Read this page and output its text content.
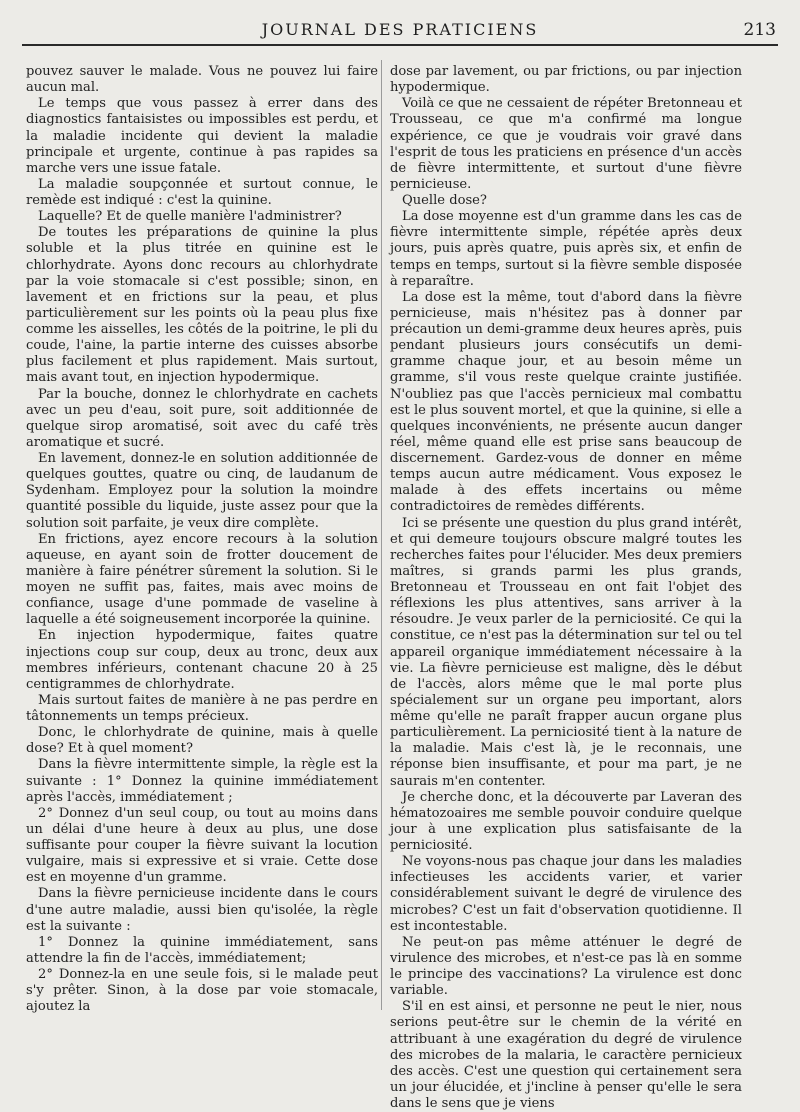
JOURNAL DES PRATICIENS	213

pouvez sauver le malade. Vous ne pouvez lui faire aucun mal.

Le temps que vous passez à errer dans des diagnostics fantaisistes ou impossibles est perdu, et la maladie incidente qui devient la maladie principale et urgente, continue à pas rapides sa marche vers une issue fatale.

La maladie soupçonnée et surtout connue, le remède est indiqué : c'est la quinine.

Laquelle? Et de quelle manière l'administrer?

De toutes les préparations de quinine la plus soluble et la plus titrée en quinine est le chlorhydrate. Ayons donc recours au chlorhydrate par la voie stomacale si c'est possible; sinon, en lavement et en frictions sur la peau, et plus particulièrement sur les points où la peau plus fixe comme les aisselles, les côtés de la poitrine, le pli du coude, l'aine, la partie interne des cuisses absorbe plus facilement et plus rapidement. Mais surtout, mais avant tout, en injection hypodermique.

Par la bouche, donnez le chlorhydrate en cachets avec un peu d'eau, soit pure, soit additionnée de quelque sirop aromatisé, soit avec du café très aromatique et sucré.

En lavement, donnez-le en solution additionnée de quelques gouttes, quatre ou cinq, de laudanum de Sydenham. Employez pour la solution la moindre quantité possible du liquide, juste assez pour que la solution soit parfaite, je veux dire complète.

En frictions, ayez encore recours à la solution aqueuse, en ayant soin de frotter doucement de manière à faire pénétrer sûrement la solution. Si le moyen ne suffit pas, faites, mais avec moins de confiance, usage d'une pommade de vaseline à laquelle a été soigneusement incorporée la quinine.

En injection hypodermique, faites quatre injections coup sur coup, deux au tronc, deux aux membres inférieurs, contenant chacune 20 à 25 centigrammes de chlorhydrate.

Mais surtout faites de manière à ne pas perdre en tâtonnements un temps précieux.

Donc, le chlorhydrate de quinine, mais à quelle dose? Et à quel moment?

Dans la fièvre intermittente simple, la règle est la suivante : 1° Donnez la quinine immédiatement après l'accès, immédiatement ;

2° Donnez d'un seul coup, ou tout au moins dans un délai d'une heure à deux au plus, une dose suffisante pour couper la fièvre suivant la locution vulgaire, mais si expressive et si vraie. Cette dose est en moyenne d'un gramme.

Dans la fièvre pernicieuse incidente dans le cours d'une autre maladie, aussi bien qu'isolée, la règle est la suivante :

1° Donnez la quinine immédiatement, sans attendre la fin de l'accès, immédiatement;

2° Donnez-la en une seule fois, si le malade peut s'y prêter. Sinon, à la dose par voie stomacale, ajoutez la

dose par lavement, ou par frictions, ou par injection hypodermique.

Voilà ce que ne cessaient de répéter Bretonneau et Trousseau, ce que m'a confirmé ma longue expérience, ce que je voudrais voir gravé dans l'esprit de tous les praticiens en présence d'un accès de fièvre intermittente, et surtout d'une fièvre pernicieuse.

Quelle dose?

La dose moyenne est d'un gramme dans les cas de fièvre intermittente simple, répétée après deux jours, puis après quatre, puis après six, et enfin de temps en temps, surtout si la fièvre semble disposée à reparaître.

La dose est la même, tout d'abord dans la fièvre pernicieuse, mais n'hésitez pas à donner par précaution un demi-gramme deux heures après, puis pendant plusieurs jours consécutifs un demi-gramme chaque jour, et au besoin même un gramme, s'il vous reste quelque crainte justifiée. N'oubliez pas que l'accès pernicieux mal combattu est le plus souvent mortel, et que la quinine, si elle a quelques inconvénients, ne présente aucun danger réel, même quand elle est prise sans beaucoup de discernement. Gardez-vous de donner en même temps aucun autre médicament. Vous exposez le malade à des effets incertains ou même contradictoires de remèdes différents.

Ici se présente une question du plus grand intérêt, et qui demeure toujours obscure malgré toutes les recherches faites pour l'élucider. Mes deux premiers maîtres, si grands parmi les plus grands, Bretonneau et Trousseau en ont fait l'objet des réflexions les plus attentives, sans arriver à la résoudre. Je veux parler de la perniciosité. Ce qui la constitue, ce n'est pas la détermination sur tel ou tel appareil organique immédiatement nécessaire à la vie. La fièvre pernicieuse est maligne, dès le début de l'accès, alors même que le mal porte plus spécialement sur un organe peu important, alors même qu'elle ne paraît frapper aucun organe plus particulièrement. La perniciosité tient à la nature de la maladie. Mais c'est là, je le reconnais, une réponse bien insuffisante, et pour ma part, je ne saurais m'en contenter.

Je cherche donc, et la découverte par Laveran des hématozoaires me semble pouvoir conduire quelque jour à une explication plus satisfaisante de la perniciosité.

Ne voyons-nous pas chaque jour dans les maladies infectieuses les accidents varier, et varier considérablement suivant le degré de virulence des microbes? C'est un fait d'observation quotidienne. Il est incontestable.

Ne peut-on pas même atténuer le degré de virulence des microbes, et n'est-ce pas là en somme le principe des vaccinations? La virulence est donc variable.

S'il en est ainsi, et personne ne peut le nier, nous serions peut-être sur le chemin de la vérité en attribuant à une exagération du degré de virulence des microbes de la malaria, le caractère pernicieux des accès. C'est une question qui certainement sera un jour élucidée, et j'incline à penser qu'elle le sera dans le sens que je viens
